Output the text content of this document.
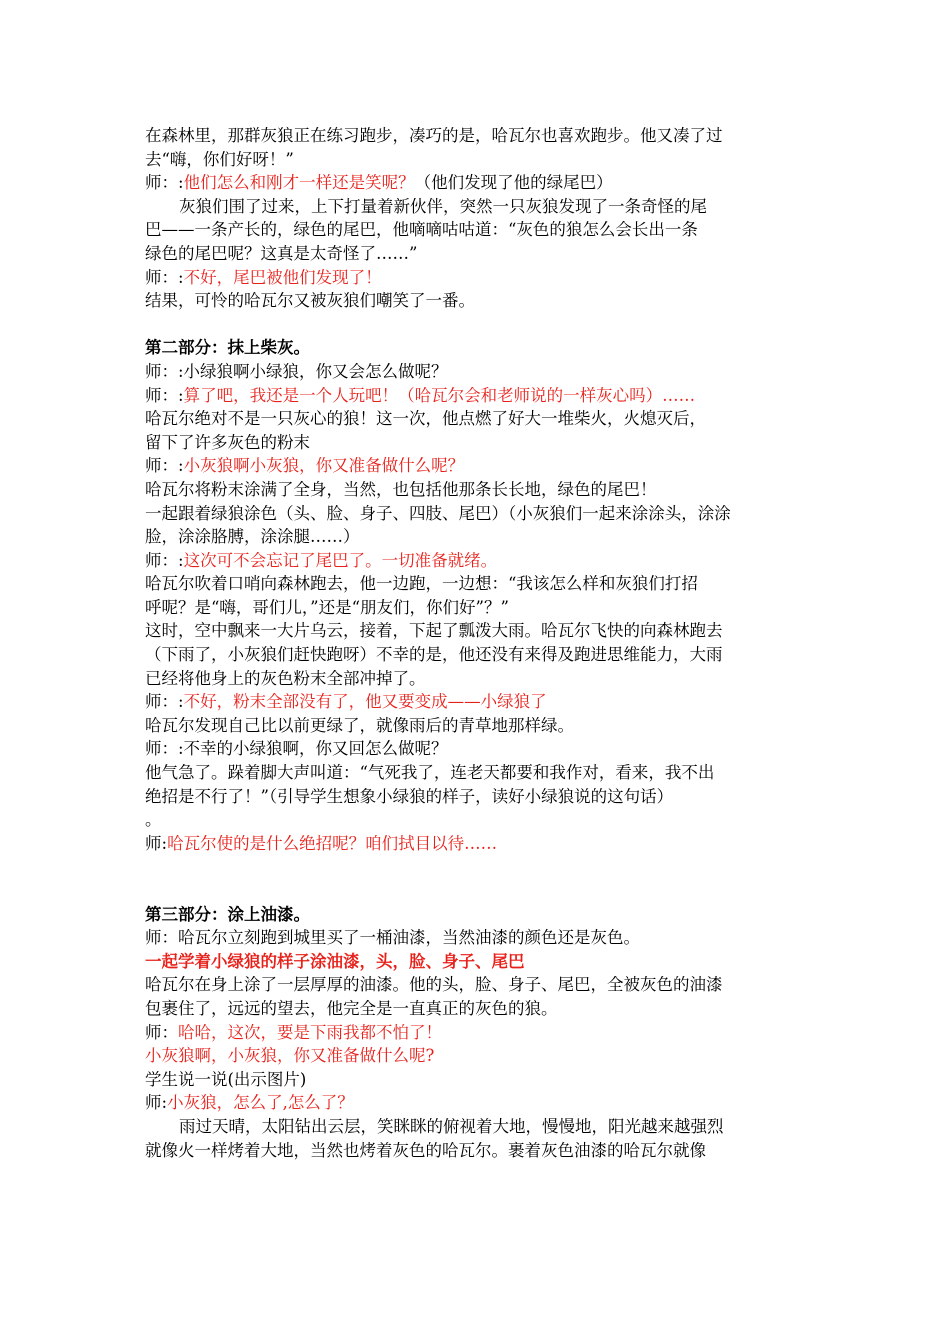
在森林里，那群灰狼正在练习跑步，凑巧的是，哈瓦尔也喜欢跑步。他又凑了过
去“嗨，你们好呀！”
师：:他们怎么和刚才一样还是笑呢？（他们发现了他的绿尾巴）
灰狼们围了过来，上下打量着新伙伴，突然一只灰狼发现了一条奇怪的尾
巴——一条产长的，绿色的尾巴，他嘀嘀咕咕道：“灰色的狼怎么会长出一条
绿色的尾巴呢？这真是太奇怪了……”
师：:不好，尾巴被他们发现了！
结果，可怜的哈瓦尔又被灰狼们嘲笑了一番。
第二部分：抹上柴灰。
师：:小绿狼啊小绿狼，你又会怎么做呢？
师：:算了吧，我还是一个人玩吧！（哈瓦尔会和老师说的一样灰心吗）……
哈瓦尔绝对不是一只灰心的狼！这一次，他点燃了好大一堆柴火，火熄灭后，
留下了许多灰色的粉末
师：:小灰狼啊小灰狼，你又准备做什么呢？
哈瓦尔将粉末涂满了全身，当然，也包括他那条长长地，绿色的尾巴！
一起跟着绿狼涂色（头、脸、身子、四肢、尾巴）（小灰狼们一起来涂涂头，涂涂
脸，涂涂胳膊，涂涂腿……）
师：:这次可不会忘记了尾巴了。一切准备就绪。
哈瓦尔吹着口哨向森林跑去，他一边跑，一边想：“我该怎么样和灰狼们打招
呼呢？是“嗨，哥们儿，”还是“朋友们，你们好”？”
这时，空中飘来一大片乌云，接着，下起了瓢泼大雨。哈瓦尔飞快的向森林跑去
（下雨了，小灰狼们赶快跑呀）不幸的是，他还没有来得及跑进思维能力，大雨
已经将他身上的灰色粉末全部冲掉了。
师：:不好，粉末全部没有了，他又要变成——小绿狼了
哈瓦尔发现自己比以前更绿了，就像雨后的青草地那样绿。
师：:不幸的小绿狼啊，你又回怎么做呢？
他气急了。跺着脚大声叫道：“气死我了，连老天都要和我作对，看来，我不出
绝招是不行了！”（引导学生想象小绿狼的样子，读好小绿狼说的这句话）
。
师:哈瓦尔使的是什么绝招呢？咱们拭目以待……
第三部分：涂上油漆。
师：哈瓦尔立刻跑到城里买了一桶油漆，当然油漆的颜色还是灰色。
一起学着小绿狼的样子涂油漆，头，脸、身子、尾巴
哈瓦尔在身上涂了一层厚厚的油漆。他的头，脸、身子、尾巴，全被灰色的油漆
包裹住了，远远的望去，他完全是一直真正的灰色的狼。
师：哈哈，这次，要是下雨我都不怕了！
小灰狼啊，小灰狼，你又准备做什么呢?
学生说一说(出示图片)
师:小灰狼，怎么了,怎么了？
雨过天晴，太阳钻出云层，笑眯眯的俯视着大地，慢慢地，阳光越来越强烈
就像火一样烤着大地，当然也烤着灰色的哈瓦尔。裹着灰色油漆的哈瓦尔就像
